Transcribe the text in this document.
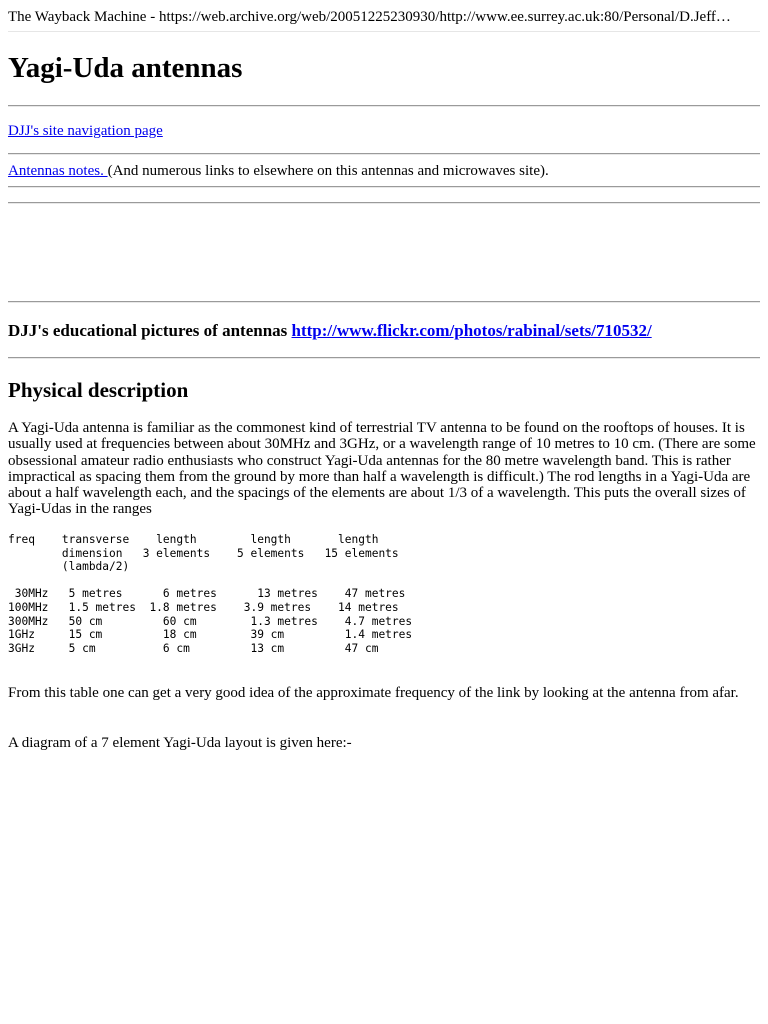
The Wayback Machine - https://web.archive.org/web/20051225230930/http://www.ee.surrey.ac.uk:80/Personal/D.Jeff…
Yagi-Uda antennas
DJJ's site navigation page
Antennas notes. (And numerous links to elsewhere on this antennas and microwaves site).
DJJ's educational pictures of antennas http://www.flickr.com/photos/rabinal/sets/710532/
Physical description

A Yagi-Uda antenna is familiar as the commonest kind of terrestrial TV antenna to be found on the rooftops of houses. It is usually used at frequencies between about 30MHz and 3GHz, or a wavelength range of 10 metres to 10 cm. (There are some obsessional amateur radio enthusiasts who construct Yagi-Uda antennas for the 80 metre wavelength band. This is rather impractical as spacing them from the ground by more than half a wavelength is difficult.) The rod lengths in a Yagi-Uda are about a half wavelength each, and the spacings of the elements are about 1/3 of a wavelength. This puts the overall sizes of Yagi-Udas in the ranges

freq    transverse    length        length       length
dimension   3 elements    5 elements   15 elements
(lambda/2)

30MHz   5 metres      6 metres      13 metres    47 metres
100MHz   1.5 metres  1.8 metres    3.9 metres    14 metres
300MHz   50 cm         60 cm        1.3 metres    4.7 metres
1GHz     15 cm         18 cm        39 cm         1.4 metres
3GHz     5 cm          6 cm         13 cm         47 cm

From this table one can get a very good idea of the approximate frequency of the link by looking at the antenna from afar.

A diagram of a 7 element Yagi-Uda layout is given here:-
